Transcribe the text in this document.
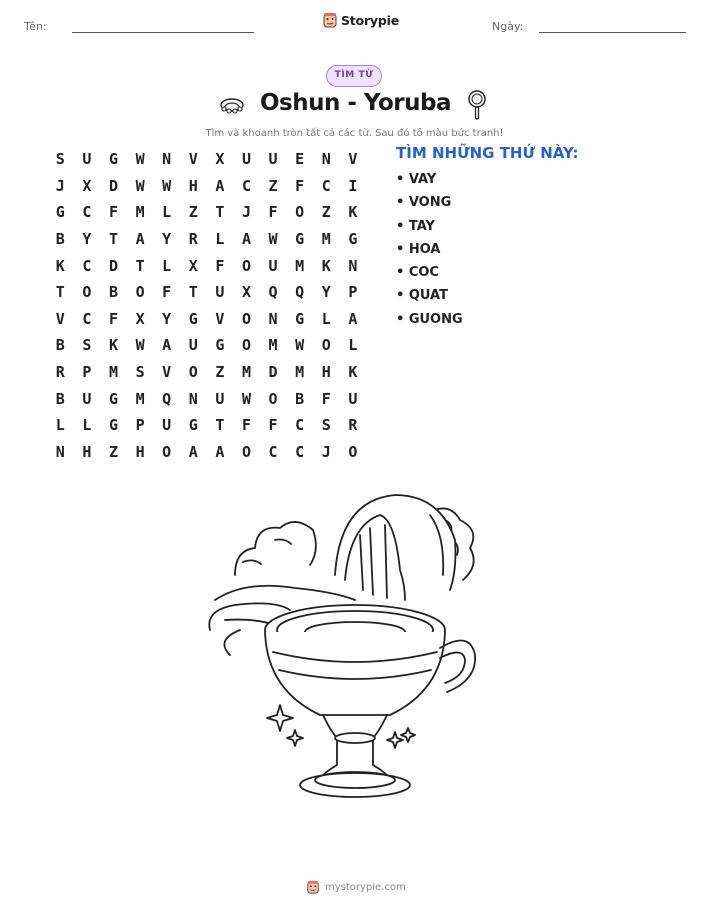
Tên:	Storypie	Ngày:
TÌM TỪ
Oshun - Yoruba
Tìm và khoanh tròn tất cả các từ. Sau đó tô màu bức tranh!
S	U	G	W	N	V	X	U	U	E	N	V
J	X	D	W	W	H	A	C	Z	F	C	I
G	C	F	M	L	Z	T	J	F	O	Z	K
B	Y	T	A	Y	R	L	A	W	G	M	G
K	C	D	T	L	X	F	O	U	M	K	N
T	O	B	O	F	T	U	X	Q	Q	Y	P
V	C	F	X	Y	G	V	O	N	G	L	A
B	S	K	W	A	U	G	O	M	W	O	L
R	P	M	S	V	O	Z	M	D	M	H	K
B	U	G	M	Q	N	U	W	O	B	F	U
L	L	G	P	U	G	T	F	F	C	S	R
N	H	Z	H	O	A	A	O	C	C	J	O
TÌM NHỮNG THỨ NÀY:
• VAY
• VONG
• TAY
• HOA
• COC
• QUAT
• GUONG
mystorypie.com
